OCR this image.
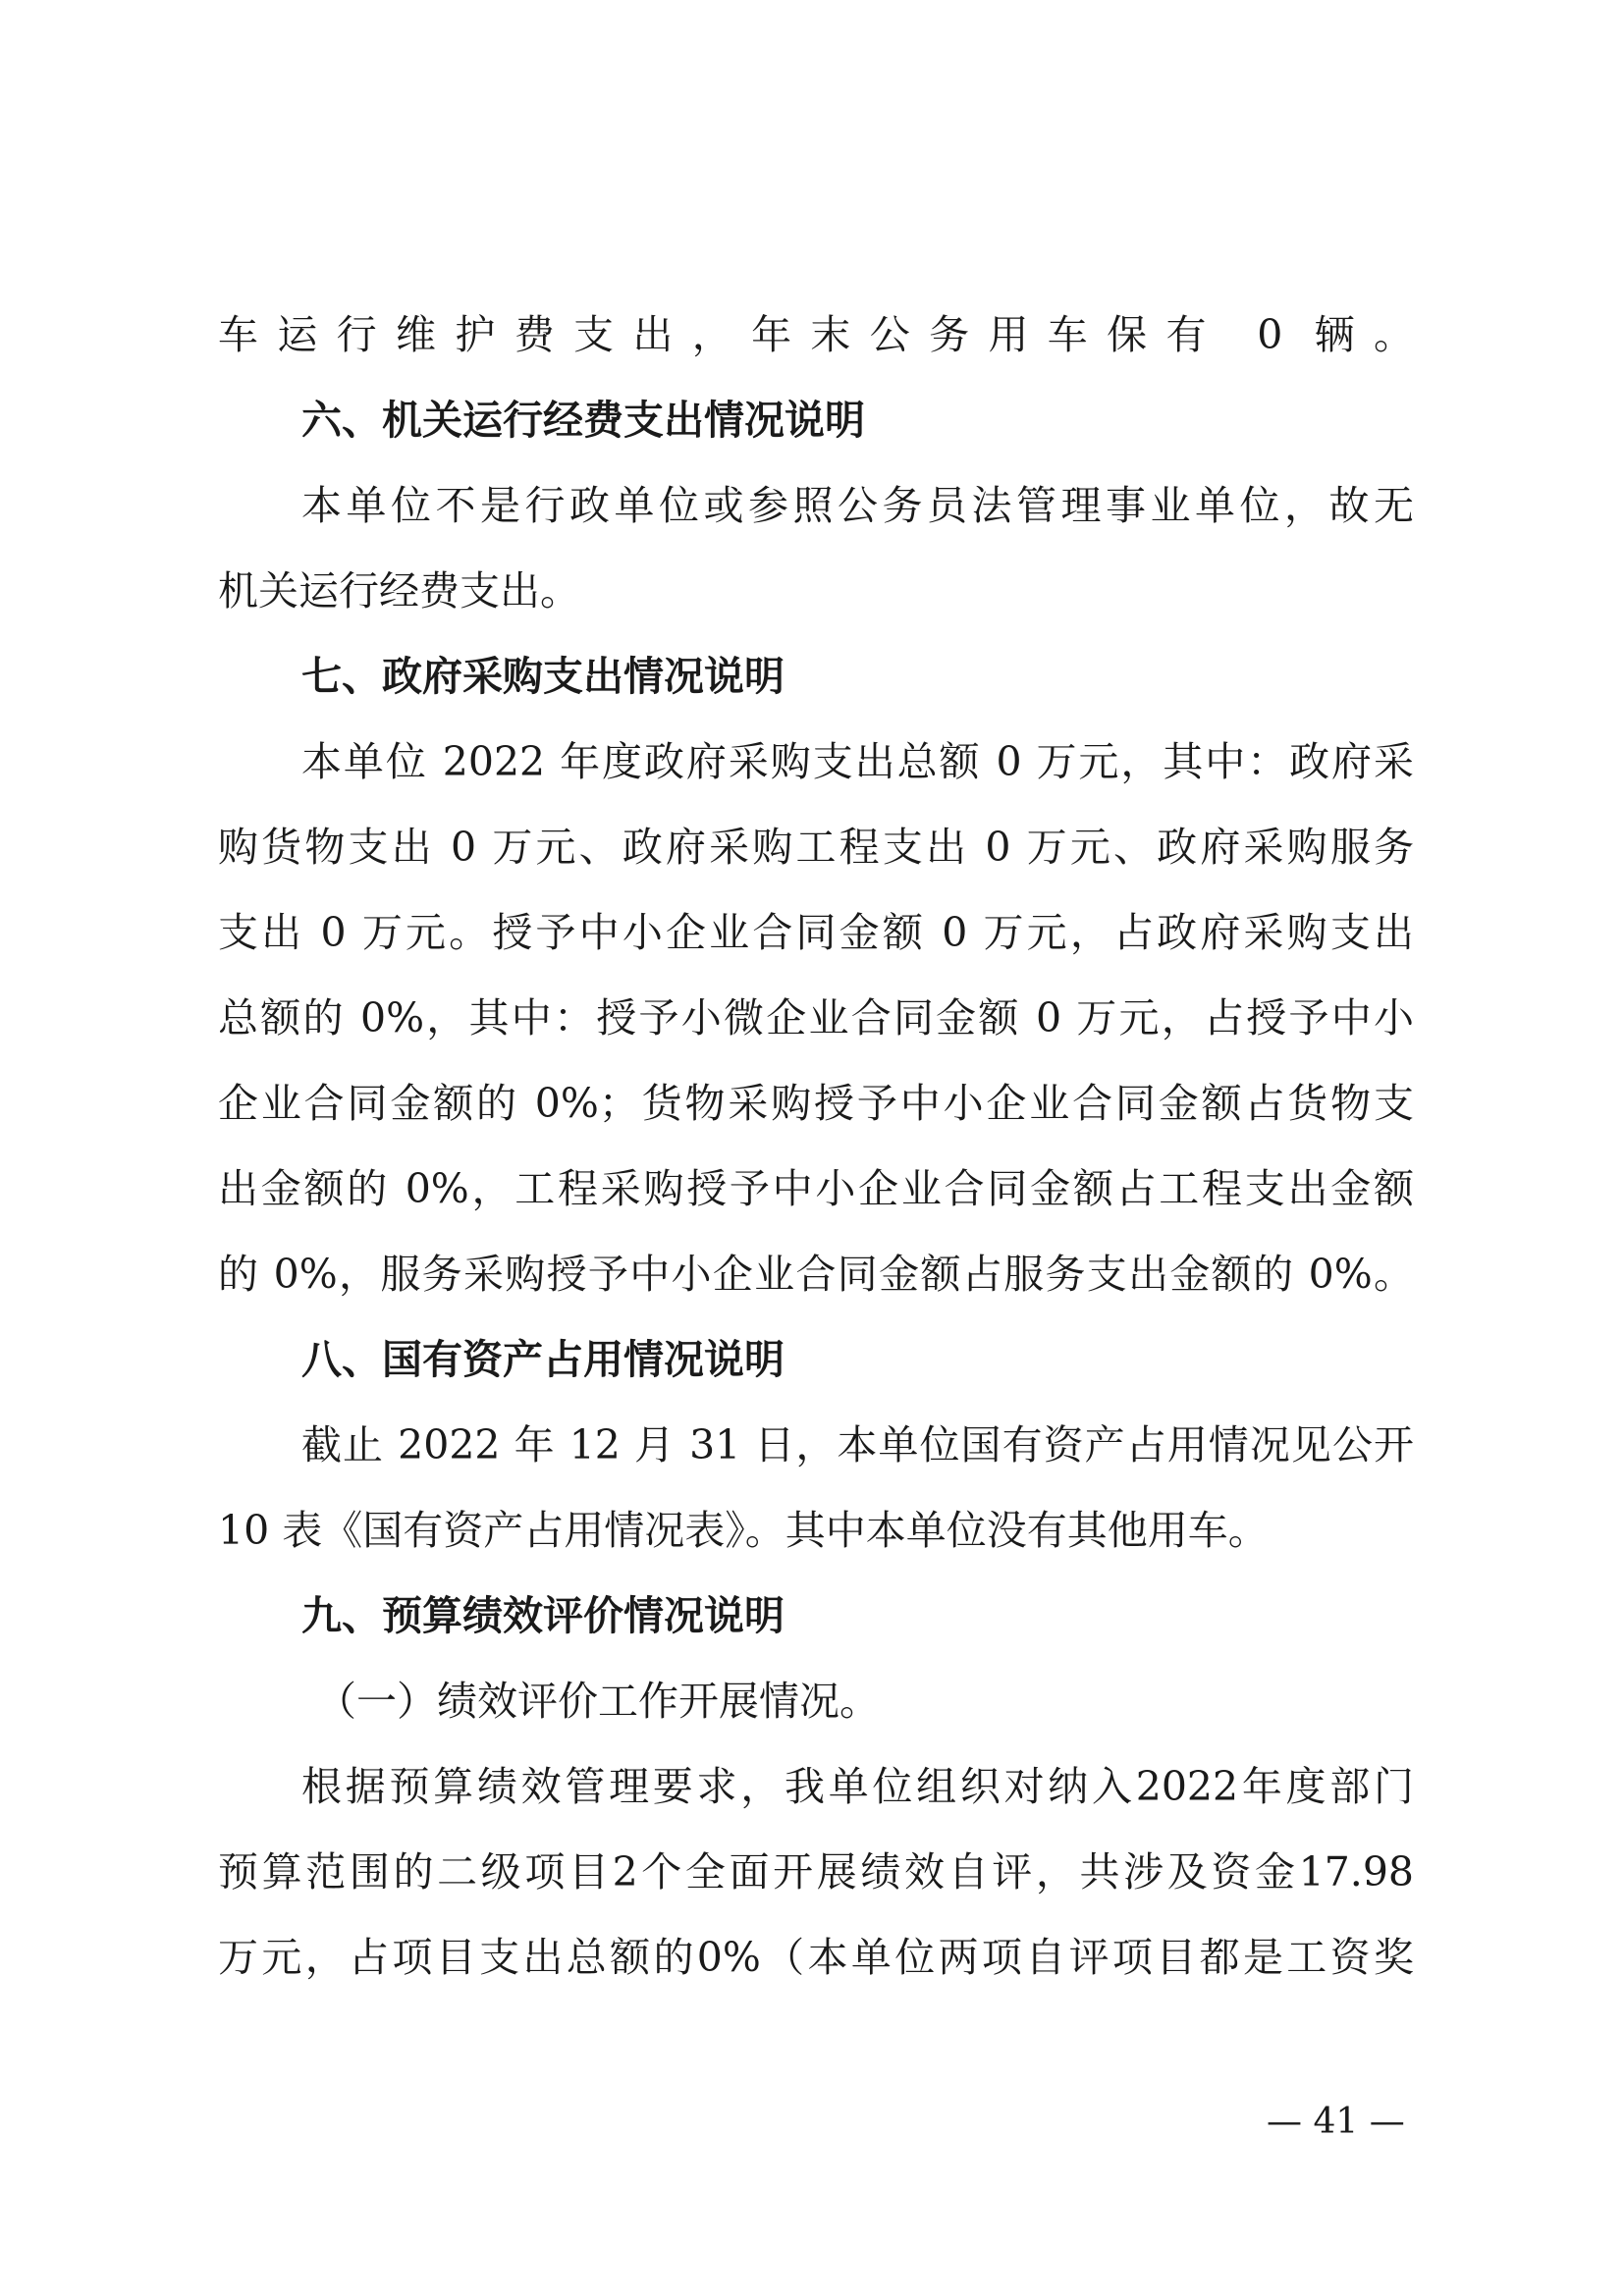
车运行维护费支出，年末公务用车保有 0 辆。
六、机关运行经费支出情况说明
本单位不是行政单位或参照公务员法管理事业单位，故无
机关运行经费支出。
七、政府采购支出情况说明
本单位 2022 年度政府采购支出总额 0 万元，其中：政府采
购货物支出 0 万元、政府采购工程支出 0 万元、政府采购服务
支出 0 万元。授予中小企业合同金额 0 万元，占政府采购支出
总额的 0%，其中：授予小微企业合同金额 0 万元，占授予中小
企业合同金额的 0%；货物采购授予中小企业合同金额占货物支
出金额的 0%，工程采购授予中小企业合同金额占工程支出金额
的 0%，服务采购授予中小企业合同金额占服务支出金额的 0%。
八、国有资产占用情况说明
截止 2022 年 12 月 31 日，本单位国有资产占用情况见公开
10 表《国有资产占用情况表》。其中本单位没有其他用车。
九、预算绩效评价情况说明
（一）绩效评价工作开展情况。
根据预算绩效管理要求，我单位组织对纳入2022年度部门
预算范围的二级项目2个全面开展绩效自评，共涉及资金17.98
万元，占项目支出总额的0%（本单位两项自评项目都是工资奖
— 41 —
